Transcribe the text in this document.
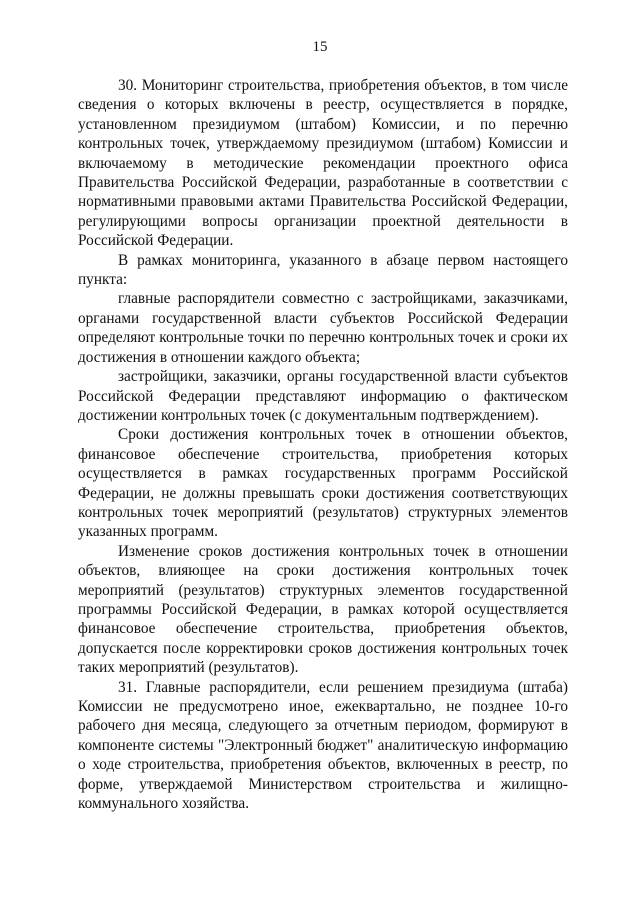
15

30. Мониторинг строительства, приобретения объектов, в том числе сведения о которых включены в реестр, осуществляется в порядке, установленном президиумом (штабом) Комиссии, и по перечню контрольных точек, утверждаемому президиумом (штабом) Комиссии и включаемому в методические рекомендации проектного офиса Правительства Российской Федерации, разработанные в соответствии с нормативными правовыми актами Правительства Российской Федерации, регулирующими вопросы организации проектной деятельности в Российской Федерации.

В рамках мониторинга, указанного в абзаце первом настоящего пункта:

главные распорядители совместно с застройщиками, заказчиками, органами государственной власти субъектов Российской Федерации определяют контрольные точки по перечню контрольных точек и сроки их достижения в отношении каждого объекта;

застройщики, заказчики, органы государственной власти субъектов Российской Федерации представляют информацию о фактическом достижении контрольных точек (с документальным подтверждением).

Сроки достижения контрольных точек в отношении объектов, финансовое обеспечение строительства, приобретения которых осуществляется в рамках государственных программ Российской Федерации, не должны превышать сроки достижения соответствующих контрольных точек мероприятий (результатов) структурных элементов указанных программ.

Изменение сроков достижения контрольных точек в отношении объектов, влияющее на сроки достижения контрольных точек мероприятий (результатов) структурных элементов государственной программы Российской Федерации, в рамках которой осуществляется финансовое обеспечение строительства, приобретения объектов, допускается после корректировки сроков достижения контрольных точек таких мероприятий (результатов).

31. Главные распорядители, если решением президиума (штаба) Комиссии не предусмотрено иное, ежеквартально, не позднее 10-го рабочего дня месяца, следующего за отчетным периодом, формируют в компоненте системы "Электронный бюджет" аналитическую информацию о ходе строительства, приобретения объектов, включенных в реестр, по форме, утверждаемой Министерством строительства и жилищно-коммунального хозяйства.
